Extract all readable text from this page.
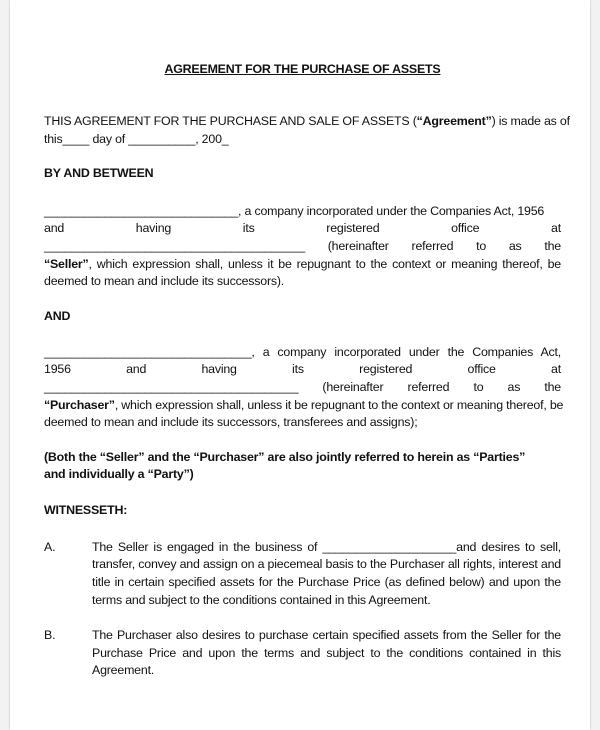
AGREEMENT FOR THE PURCHASE OF ASSETS
THIS AGREEMENT FOR THE PURCHASE AND SALE OF ASSETS (“Agreement”) is made as of
this____ day of __________, 200_
BY AND BETWEEN
_____________________________, a company incorporated under the Companies Act, 1956
and	having	its	registered	office	at
_______________________________________ (hereinafter referred to as the
“Seller”, which expression shall, unless it be repugnant to the context or meaning thereof, be
deemed to mean and include its successors).
AND
_______________________________, a company incorporated under the Companies Act,
1956	and	having	its	registered	office	at
______________________________________ (hereinafter referred to as the
“Purchaser”, which expression shall, unless it be repugnant to the context or meaning thereof, be
deemed to mean and include its successors, transferees and assigns);
(Both the “Seller” and the “Purchaser” are also jointly referred to herein as “Parties”
and individually a “Party”)
WITNESSETH:
A.	The Seller is engaged in the business of ____________________and desires to sell,
transfer, convey and assign on a piecemeal basis to the Purchaser all rights, interest and
title in certain specified assets for the Purchase Price (as defined below) and upon the
terms and subject to the conditions contained in this Agreement.
B.	The Purchaser also desires to purchase certain specified assets from the Seller for the
Purchase Price and upon the terms and subject to the conditions contained in this
Agreement.
